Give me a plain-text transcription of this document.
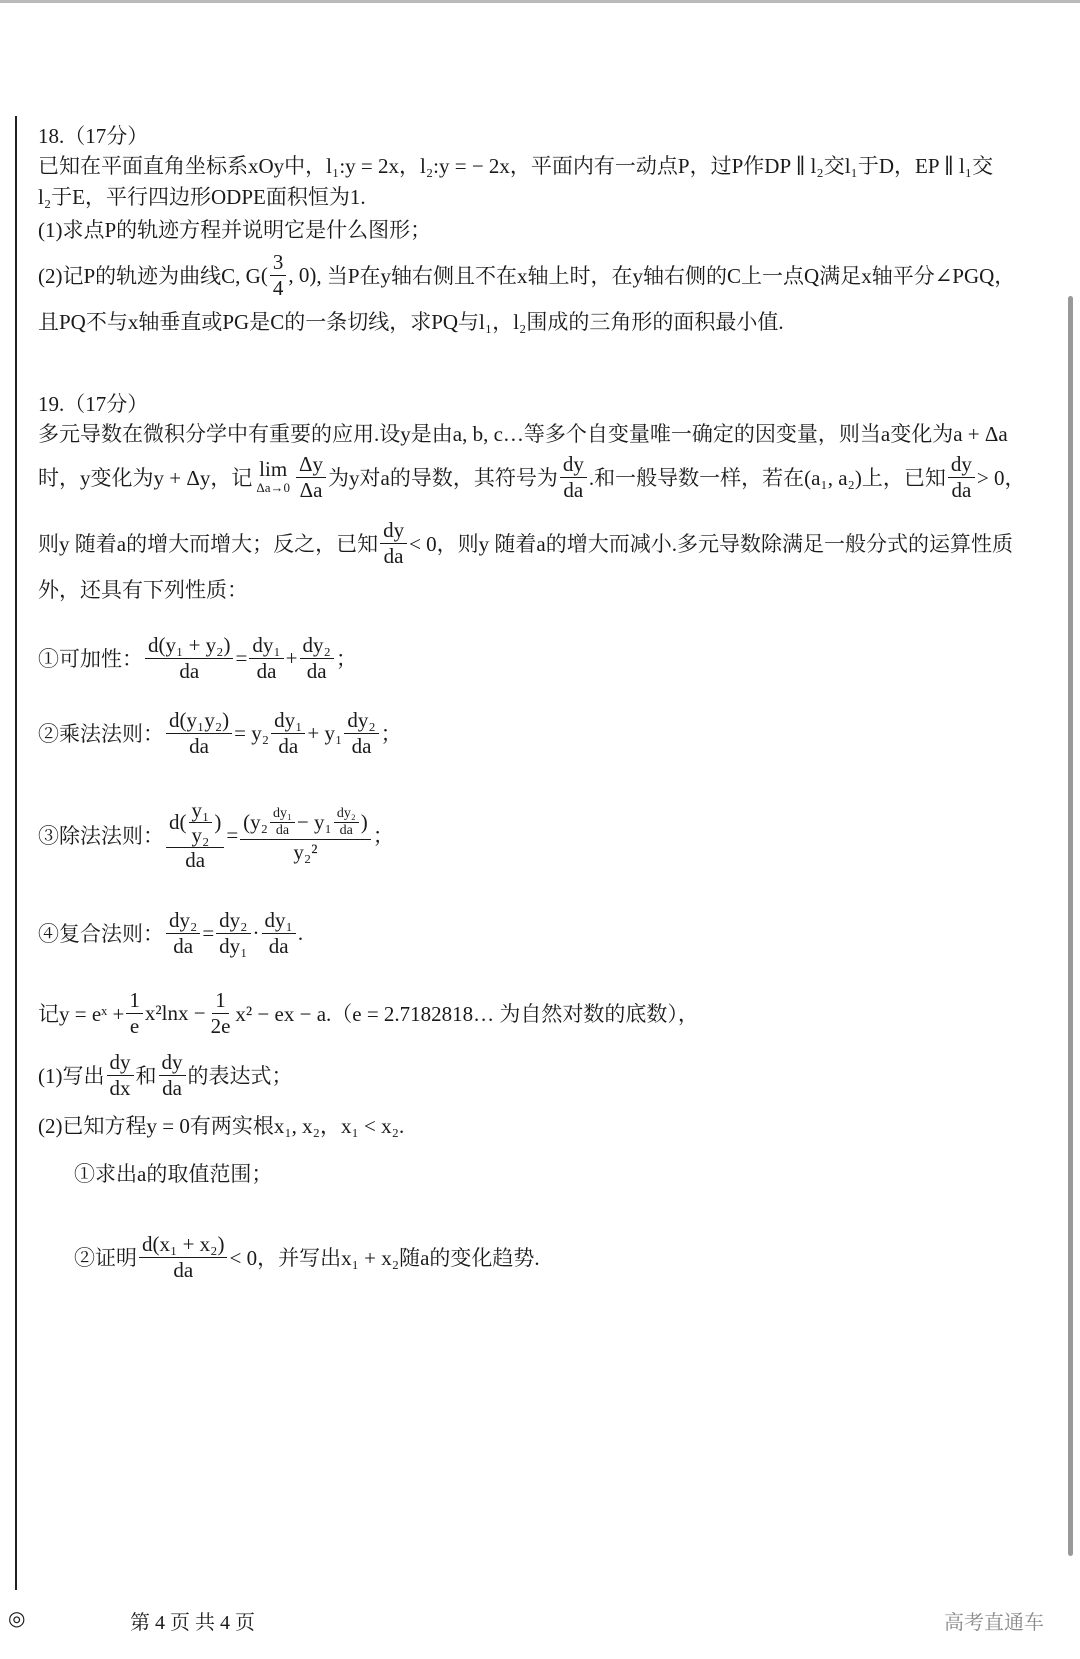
18.（17分）
已知在平面直角坐标系xOy中，l₁:y = 2x，l₂:y = − 2x，平面内有一动点P，过P作DP ∥ l₂交l₁于D，EP ∥ l₁交
l₂于E，平行四边形ODPE面积恒为1.
(1)求点P的轨迹方程并说明它是什么图形；
(2)记P的轨迹为曲线C, G ( $\frac{3}{4}$ , 0) , 当P在y轴右侧且不在x轴上时，在y轴右侧的C上一点Q满足x轴平分∠PGQ，
且PQ不与x轴垂直或PG是C的一条切线，求PQ与l₁，l₂围成的三角形的面积最小值.
19.（17分）
多元导数在微积分学中有重要的应用.设y是由a, b, c…等多个自变量唯一确定的因变量，则当a变化为a + Δa
时，y变化为y + Δy，记 lim
$\Delta a\to 0 \frac{\Delta y}{\Delta a}$ 为y对a的导数，其符号为 $\frac{dy}{da}$ .和一般导数一样，若在(a₁, a₂)上，已知 $\frac{dy}{da} > 0$，
则y 随着a的增大而增大；反之，已知 $\frac{dy}{da} < 0$，则y 随着a的增大而减小.多元导数除满足一般分式的运算性质
外，还具有下列性质：
①可加性： $\frac{\text{d(y₁ + y₂)}}{da} = \frac{\text{dy₁}}{da} + \frac{\text{dy₂}}{da}$ ；
②乘法法则： $\frac{\text{d(y₁y₂)}}{da} = y_2 \frac{\text{dy₁}}{da} + y_1 \frac{\text{dy₂}}{da}$ ；
③除法法则： $\frac{d( \frac{\text{y₁}}{\text{y₂}} )}{da} = \frac{(y_2 \frac{\text{dy₁}}{da} - y_1 \frac{\text{dy₂}}{da} )}{\text{y₂²}}$ ；
④复合法则： $\frac{\text{dy₂}}{da} = \frac{\text{dy₂}}{\text{dy₁}} \cdot \frac{\text{dy₁}}{da}$ .
记y = eˣ + $\frac{1}{e} x^2\ln x - \frac{1}{2e} x^2$ − ex − a.（e = 2.7182818… 为自然对数的底数），
(1)写出 $\frac{dy}{dx}$ 和 $\frac{dy}{da}$ 的表达式；
(2)已知方程y = 0有两实根x₁, x₂，x₁ < x₂.
①求出a的取值范围；
②证明 $\frac{\text{d(x₁ + x₂)}}{da} < 0$，并写出x₁ + x₂随a的变化趋势.
◎	第 4 页 共 4 页	高考直通车
